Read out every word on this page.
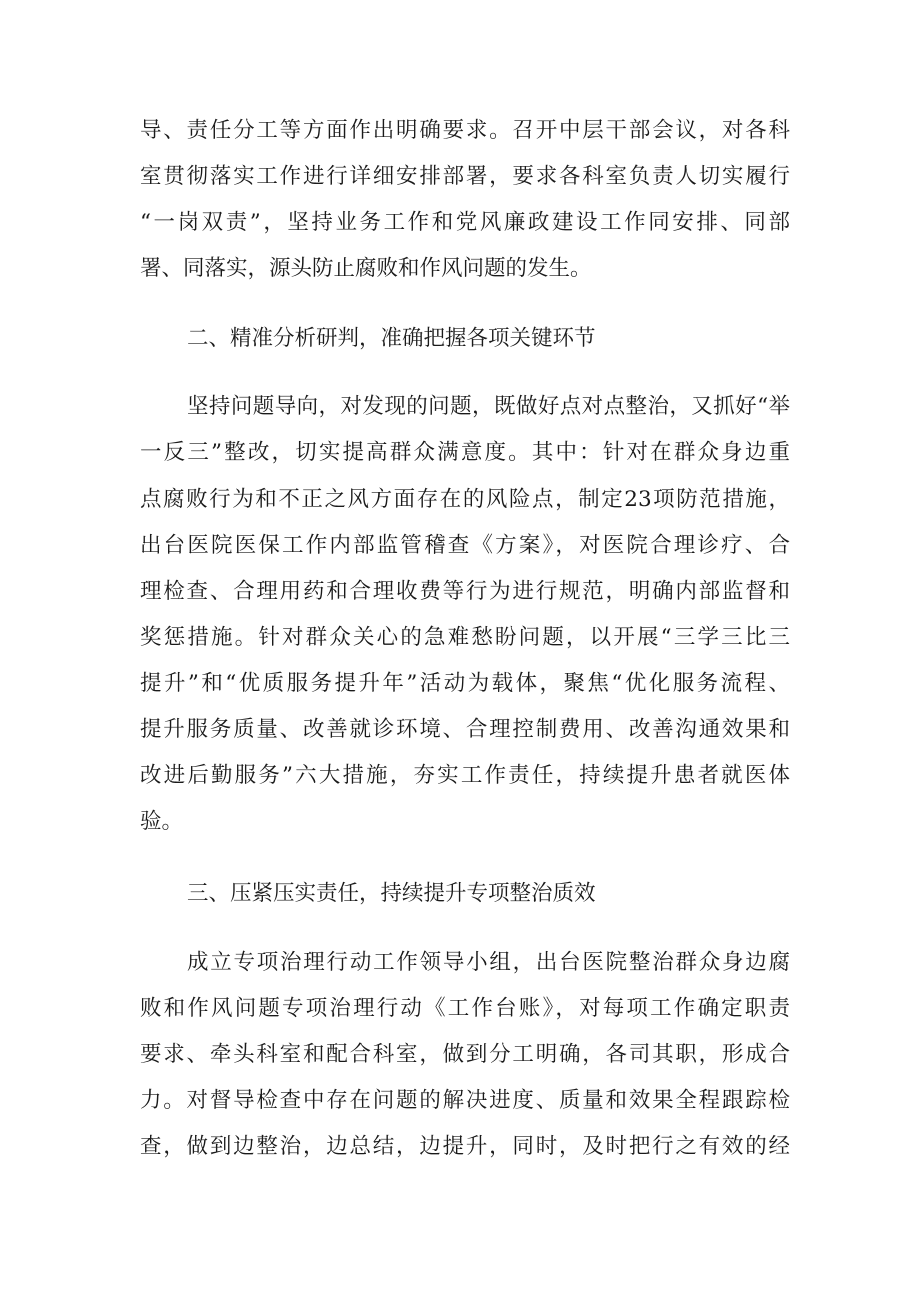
导、责任分工等方面作出明确要求。召开中层干部会议，对各科
室贯彻落实工作进行详细安排部署，要求各科室负责人切实履行
“一岗双责”，坚持业务工作和党风廉政建设工作同安排、同部
署、同落实，源头防止腐败和作风问题的发生。
二、精准分析研判，准确把握各项关键环节
坚持问题导向，对发现的问题，既做好点对点整治，又抓好“举
一反三”整改，切实提高群众满意度。其中：针对在群众身边重
点腐败行为和不正之风方面存在的风险点，制定23项防范措施，
出台医院医保工作内部监管稽查《方案》，对医院合理诊疗、合
理检查、合理用药和合理收费等行为进行规范，明确内部监督和
奖惩措施。针对群众关心的急难愁盼问题，以开展“三学三比三
提升”和“优质服务提升年”活动为载体，聚焦“优化服务流程、
提升服务质量、改善就诊环境、合理控制费用、改善沟通效果和
改进后勤服务”六大措施，夯实工作责任，持续提升患者就医体
验。
三、压紧压实责任，持续提升专项整治质效
成立专项治理行动工作领导小组，出台医院整治群众身边腐
败和作风问题专项治理行动《工作台账》，对每项工作确定职责
要求、牵头科室和配合科室，做到分工明确，各司其职，形成合
力。对督导检查中存在问题的解决进度、质量和效果全程跟踪检
查，做到边整治，边总结，边提升，同时，及时把行之有效的经
